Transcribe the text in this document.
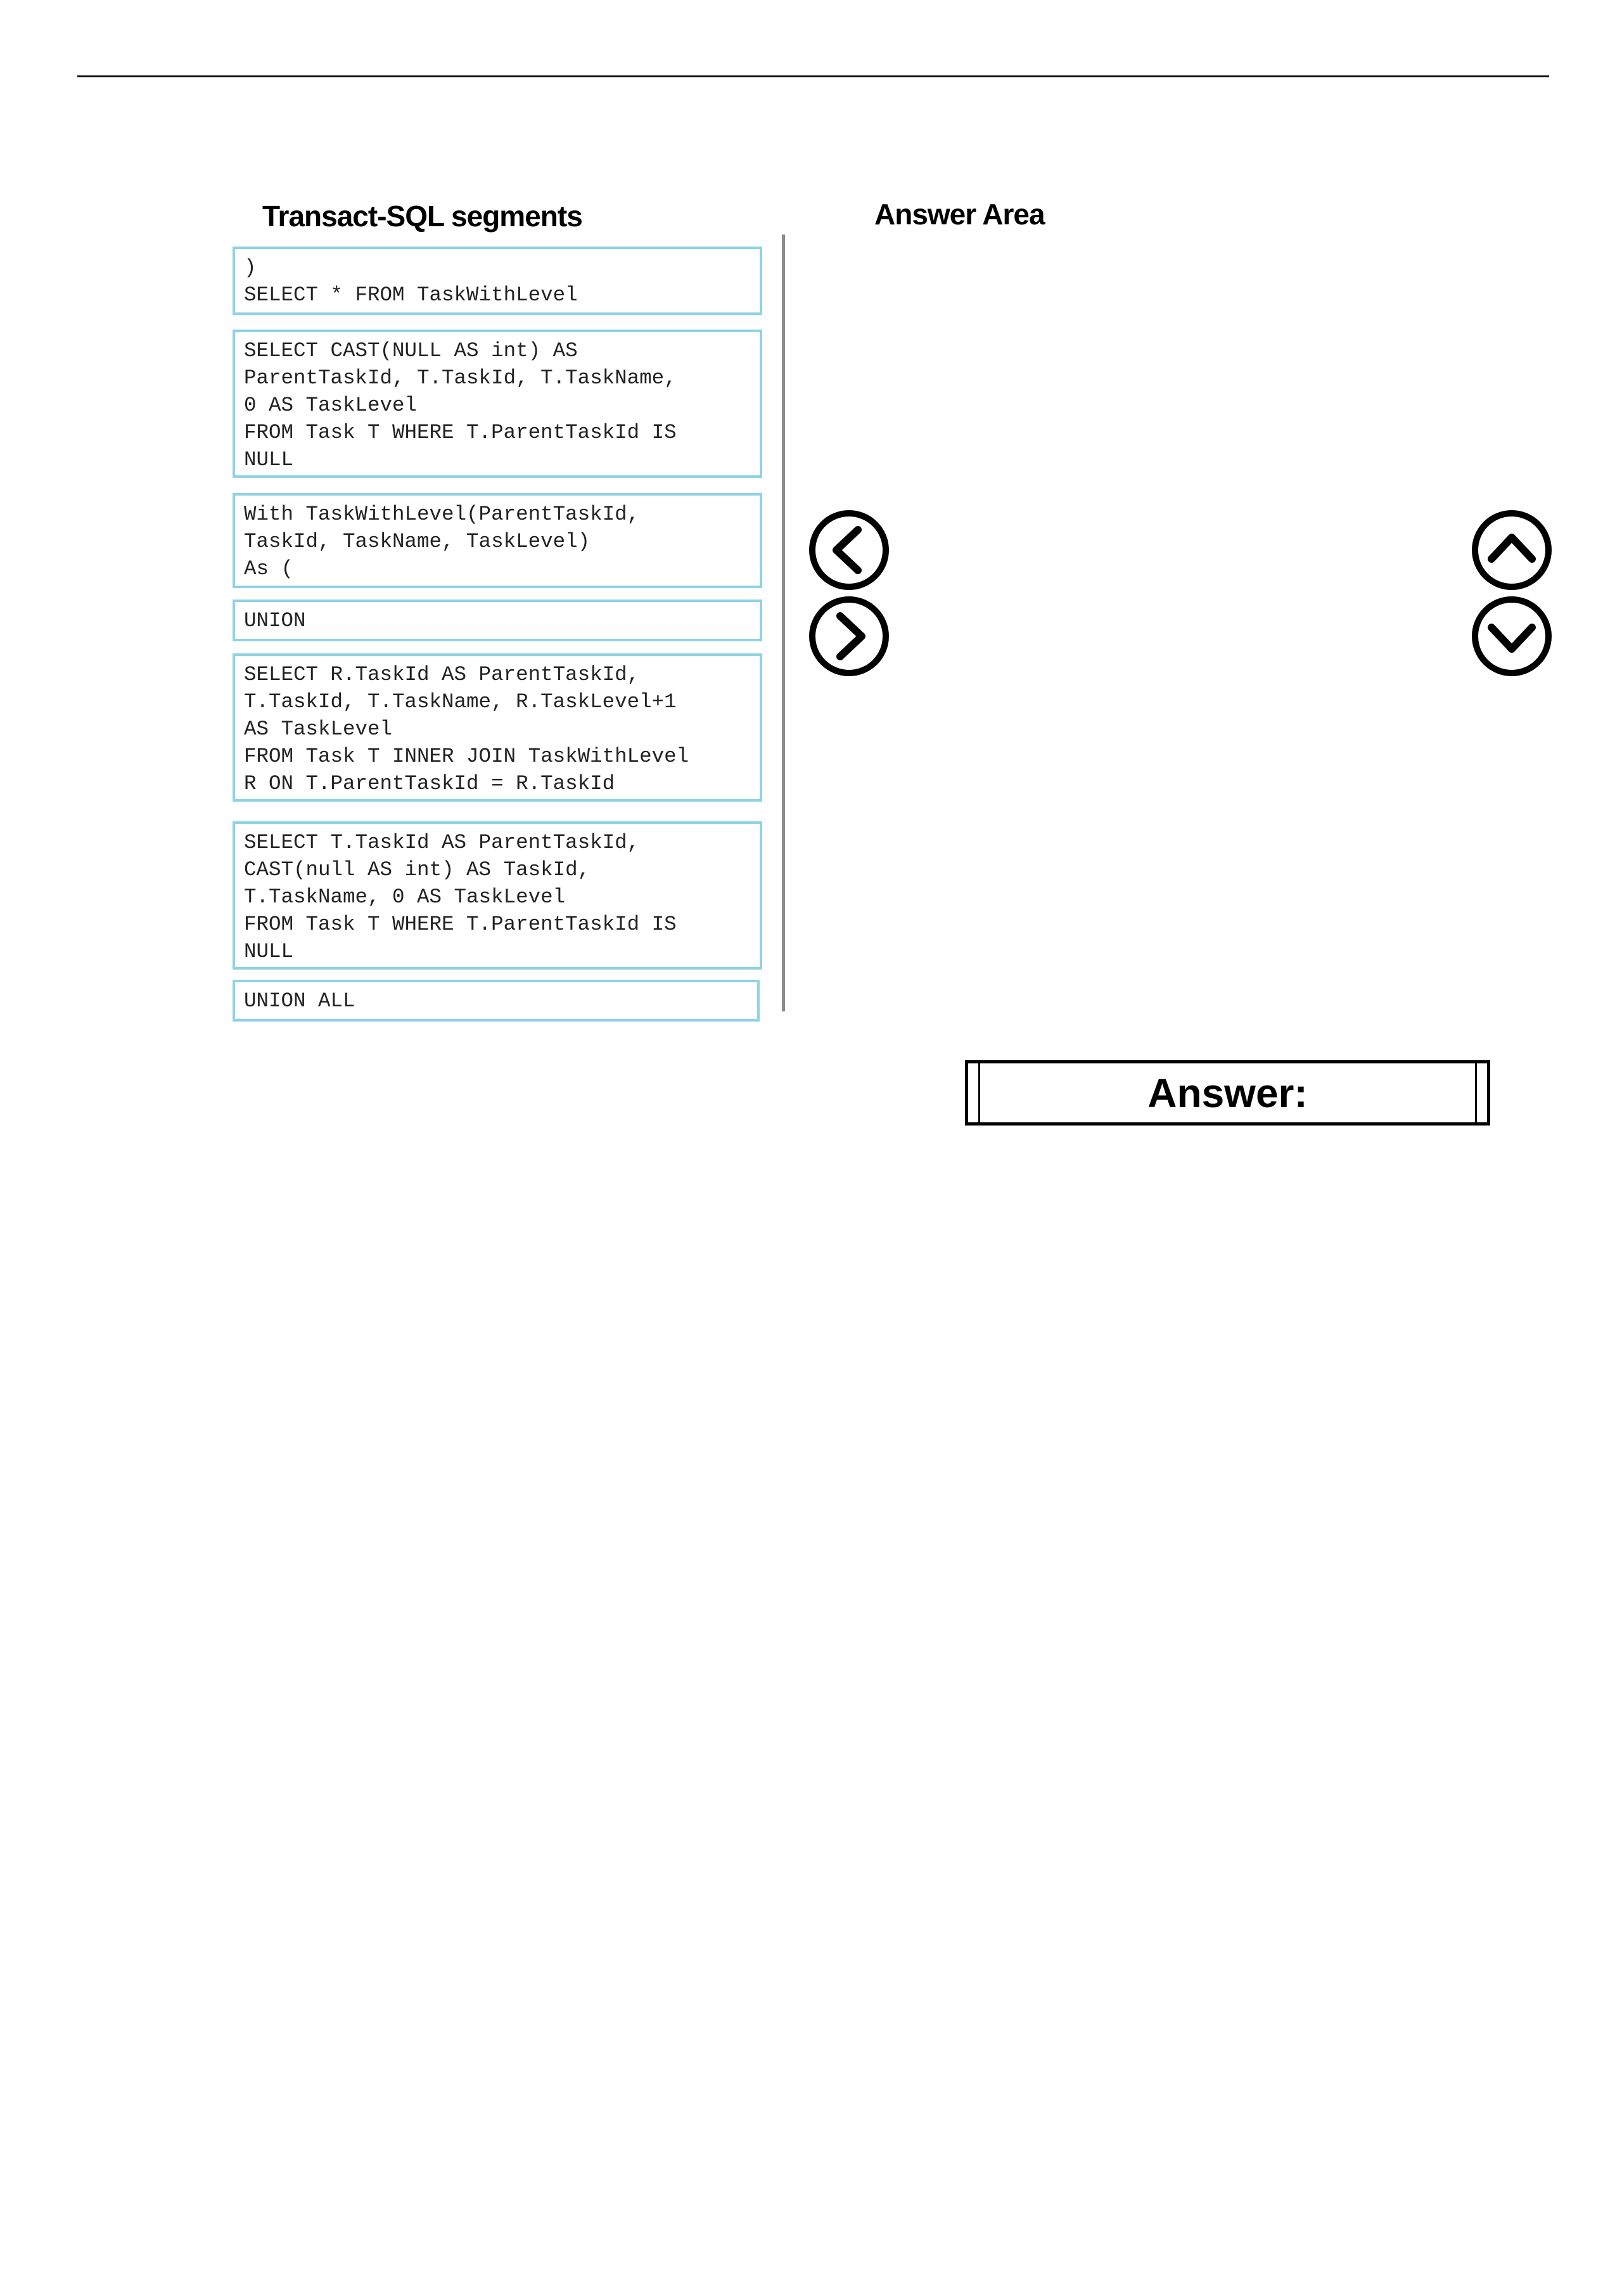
Transact-SQL segments	Answer Area
)
SELECT * FROM TaskWithLevel
SELECT CAST(NULL AS int) AS
ParentTaskId, T.TaskId, T.TaskName,
0 AS TaskLevel
FROM Task T WHERE T.ParentTaskId IS
NULL
With TaskWithLevel(ParentTaskId,
TaskId, TaskName, TaskLevel)
As (
UNION
SELECT R.TaskId AS ParentTaskId,
T.TaskId, T.TaskName, R.TaskLevel+1
AS TaskLevel
FROM Task T INNER JOIN TaskWithLevel
R ON T.ParentTaskId = R.TaskId
SELECT T.TaskId AS ParentTaskId,
CAST(null AS int) AS TaskId,
T.TaskName, 0 AS TaskLevel
FROM Task T WHERE T.ParentTaskId IS
NULL
UNION ALL
Answer:
